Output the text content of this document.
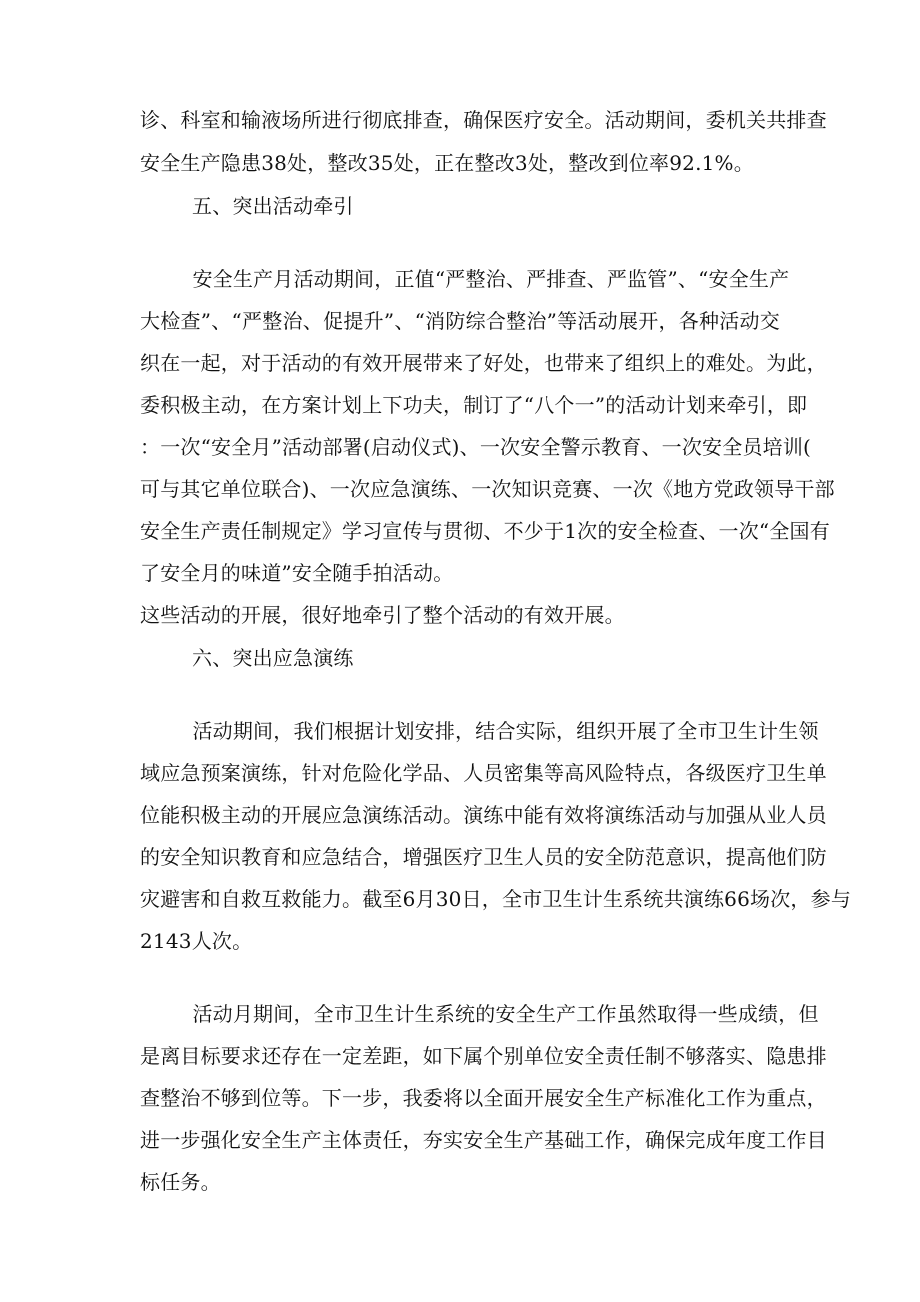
诊、科室和输液场所进行彻底排查，确保医疗安全。活动期间，委机关共排查
安全生产隐患38处，整改35处，正在整改3处，整改到位率92.1%。
五、突出活动牵引
安全生产月活动期间，正值“严整治、严排查、严监管”、“安全生产
大检查”、“严整治、促提升”、“消防综合整治”等活动展开，各种活动交
织在一起，对于活动的有效开展带来了好处，也带来了组织上的难处。为此，
委积极主动，在方案计划上下功夫，制订了“八个一”的活动计划来牵引，即
：一次“安全月”活动部署(启动仪式)、一次安全警示教育、一次安全员培训(
可与其它单位联合)、一次应急演练、一次知识竞赛、一次《地方党政领导干部
安全生产责任制规定》学习宣传与贯彻、不少于1次的安全检查、一次“全国有
了安全月的味道”安全随手拍活动。
这些活动的开展，很好地牵引了整个活动的有效开展。
六、突出应急演练
活动期间，我们根据计划安排，结合实际，组织开展了全市卫生计生领
域应急预案演练，针对危险化学品、人员密集等高风险特点，各级医疗卫生单
位能积极主动的开展应急演练活动。演练中能有效将演练活动与加强从业人员
的安全知识教育和应急结合，增强医疗卫生人员的安全防范意识，提高他们防
灾避害和自救互救能力。截至6月30日，全市卫生计生系统共演练66场次，参与
2143人次。
活动月期间，全市卫生计生系统的安全生产工作虽然取得一些成绩，但
是离目标要求还存在一定差距，如下属个别单位安全责任制不够落实、隐患排
查整治不够到位等。下一步，我委将以全面开展安全生产标准化工作为重点，
进一步强化安全生产主体责任，夯实安全生产基础工作，确保完成年度工作目
标任务。
